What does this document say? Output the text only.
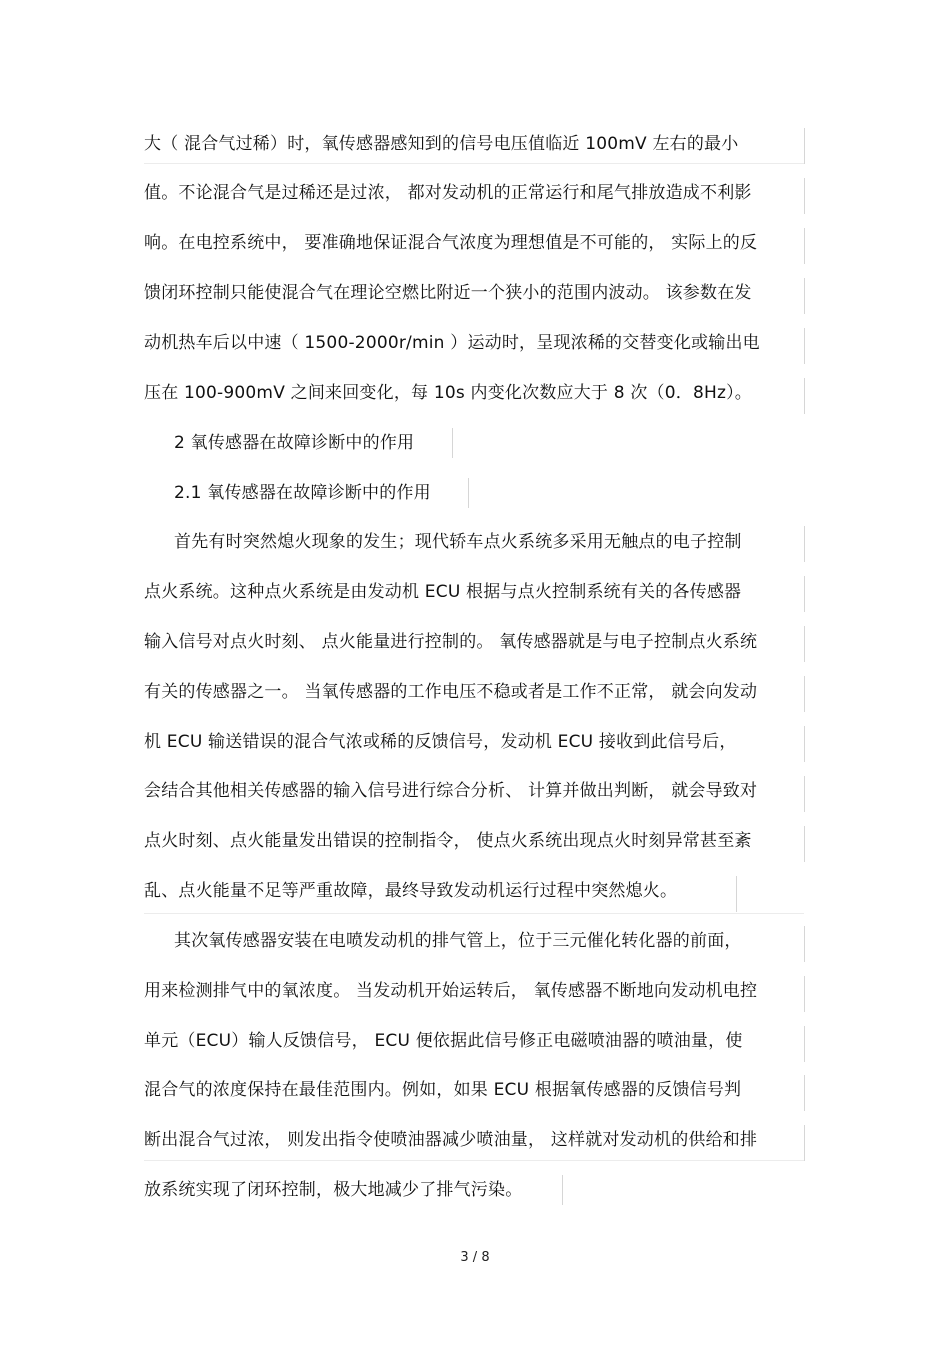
大（ 混合气过稀）时，氧传感器感知到的信号电压值临近 100mV 左右的最小
值。不论混合气是过稀还是过浓， 都对发动机的正常运行和尾气排放造成不利影
响。在电控系统中， 要准确地保证混合气浓度为理想值是不可能的， 实际上的反
馈闭环控制只能使混合气在理论空燃比附近一个狭小的范围内波动。 该参数在发
动机热车后以中速（ 1500-2000r/min ）运动时，呈现浓稀的交替变化或输出电
压在 100-900mV 之间来回变化，每 10s 内变化次数应大于 8 次（0．8Hz）。
2 氧传感器在故障诊断中的作用
2.1 氧传感器在故障诊断中的作用
首先有时突然熄火现象的发生；现代轿车点火系统多采用无触点的电子控制
点火系统。这种点火系统是由发动机 ECU 根据与点火控制系统有关的各传感器
输入信号对点火时刻、 点火能量进行控制的。 氧传感器就是与电子控制点火系统
有关的传感器之一。 当氧传感器的工作电压不稳或者是工作不正常， 就会向发动
机 ECU 输送错误的混合气浓或稀的反馈信号，发动机 ECU 接收到此信号后，
会结合其他相关传感器的输入信号进行综合分析、 计算并做出判断， 就会导致对
点火时刻、点火能量发出错误的控制指令， 使点火系统出现点火时刻异常甚至紊
乱、点火能量不足等严重故障，最终导致发动机运行过程中突然熄火。
其次氧传感器安装在电喷发动机的排气管上，位于三元催化转化器的前面，
用来检测排气中的氧浓度。 当发动机开始运转后， 氧传感器不断地向发动机电控
单元（ECU）输人反馈信号， ECU 便依据此信号修正电磁喷油器的喷油量，使
混合气的浓度保持在最佳范围内。例如，如果 ECU 根据氧传感器的反馈信号判
断出混合气过浓， 则发出指令使喷油器减少喷油量， 这样就对发动机的供给和排
放系统实现了闭环控制，极大地减少了排气污染。
3 / 8
